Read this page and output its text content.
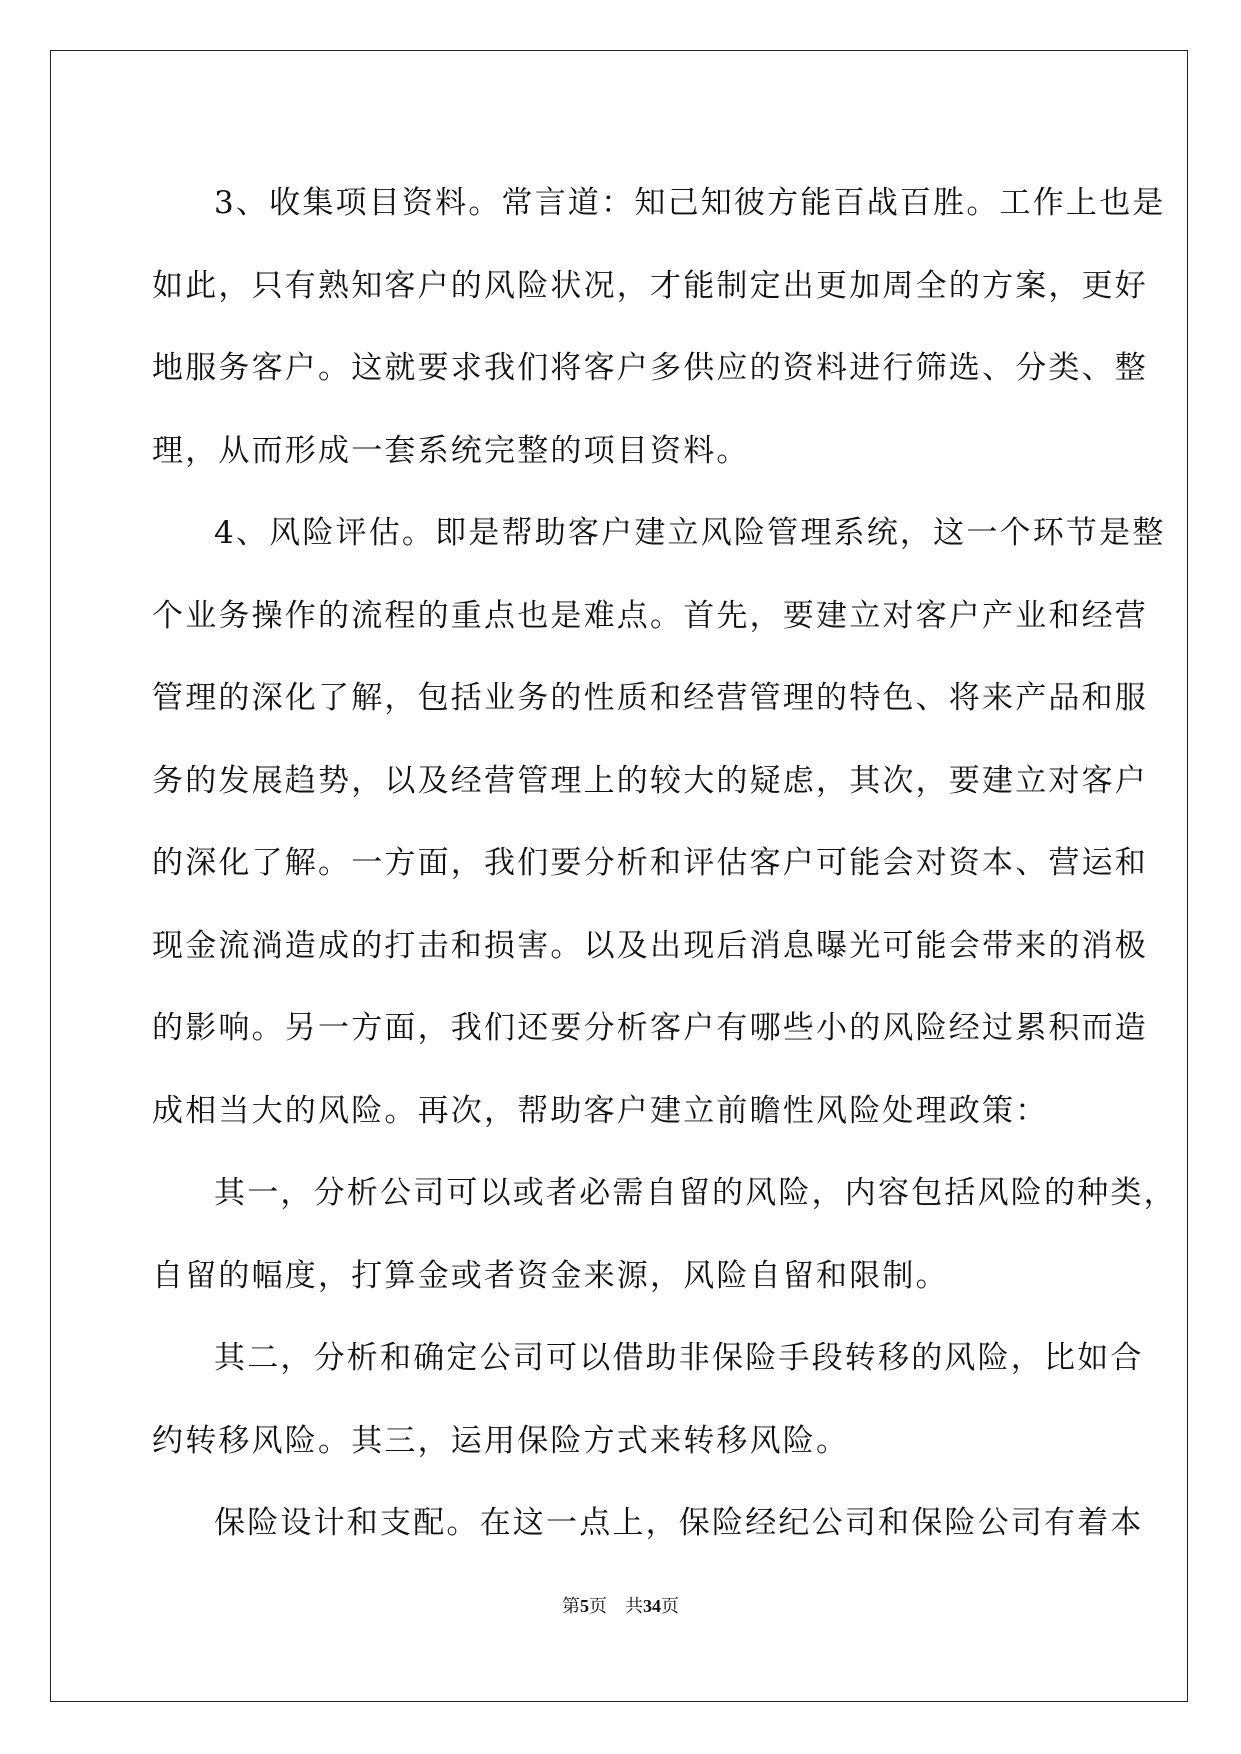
3、收集项目资料。常言道：知己知彼方能百战百胜。工作上也是
如此，只有熟知客户的风险状况，才能制定出更加周全的方案，更好
地服务客户。这就要求我们将客户多供应的资料进行筛选、分类、整
理，从而形成一套系统完整的项目资料。

4、风险评估。即是帮助客户建立风险管理系统，这一个环节是整
个业务操作的流程的重点也是难点。首先，要建立对客户产业和经营
管理的深化了解，包括业务的性质和经营管理的特色、将来产品和服
务的发展趋势，以及经营管理上的较大的疑虑，其次，要建立对客户
的深化了解。一方面，我们要分析和评估客户可能会对资本、营运和
现金流淌造成的打击和损害。以及出现后消息曝光可能会带来的消极
的影响。另一方面，我们还要分析客户有哪些小的风险经过累积而造
成相当大的风险。再次，帮助客户建立前瞻性风险处理政策：

其一，分析公司可以或者必需自留的风险，内容包括风险的种类，
自留的幅度，打算金或者资金来源，风险自留和限制。

其二，分析和确定公司可以借助非保险手段转移的风险，比如合
约转移风险。其三，运用保险方式来转移风险。

保险设计和支配。在这一点上，保险经纪公司和保险公司有着本

第5页 共34页
